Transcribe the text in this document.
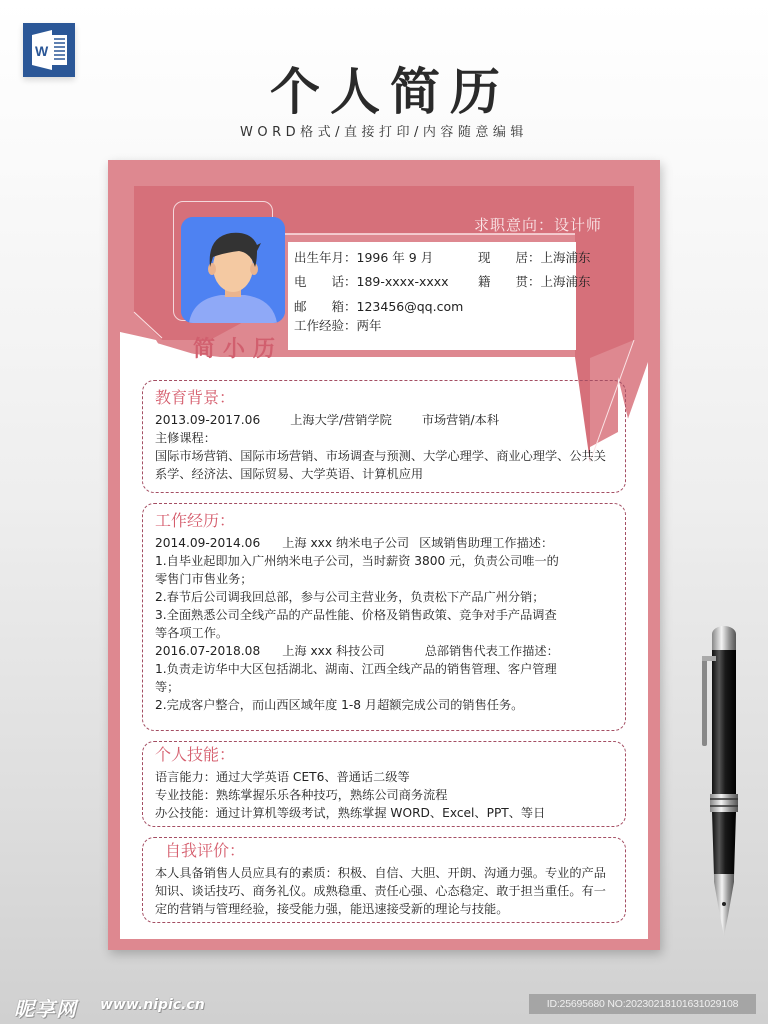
W
个人简历
WORD格式/直接打印/内容随意编辑
求职意向：设计师
简小历
出生年月：1996 年 9 月	现　　居：上海浦东
电　　话：189-xxxx-xxxx 籍　　贯：上海浦东
邮　　箱：123456@qq.com
工作经验：两年
教育背景：
2013.09-2017.06 上海大学/营销学院 市场营销/本科
主修课程：
国际市场营销、国际市场营销、市场调查与预测、大学心理学、商业心理学、公共关系学、经济法、国际贸易、大学英语、计算机应用
工作经历：
2014.09-2014.06 上海 xxx 纳米电子公司 区域销售助理工作描述：
1.自毕业起即加入广州纳米电子公司，当时薪资 3800 元，负责公司唯一的零售门市售业务；
2.春节后公司调我回总部，参与公司主营业务，负责松下产品广州分销；
3.全面熟悉公司全线产品的产品性能、价格及销售政策、竞争对手产品调查等各项工作。
2016.07-2018.08 上海 xxx 科技公司	总部销售代表工作描述：
1.负责走访华中大区包括湖北、湖南、江西全线产品的销售管理、客户管理等；
2.完成客户整合，而山西区域年度 1-8 月超额完成公司的销售任务。
个人技能：
语言能力：通过大学英语 CET6、普通话二级等
专业技能：熟练掌握乐乐各种技巧，熟练公司商务流程
办公技能：通过计算机等级考试，熟练掌握 WORD、Excel、PPT、等日
自我评价：
本人具备销售人员应具有的素质：积极、自信、大胆、开朗、沟通力强。专业的产品知识、谈话技巧、商务礼仪。成熟稳重、责任心强、心态稳定、敢于担当重任。有一定的营销与管理经验，接受能力强，能迅速接受新的理论与技能。
昵享网 www.nipic.cn	ID:25695680 NO:20230218101631029108
